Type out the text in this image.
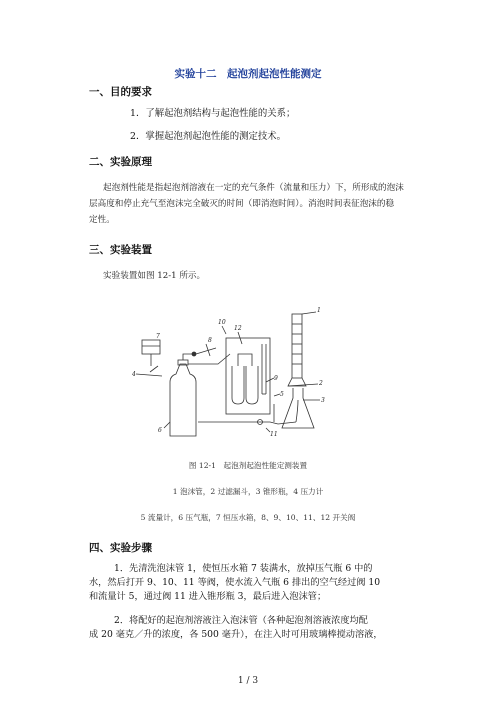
实验十二　起泡剂起泡性能测定
一、目的要求
1．了解起泡剂结构与起泡性能的关系；
2．掌握起泡剂起泡性能的测定技术。
二、实验原理
起泡剂性能是指起泡剂溶液在一定的充气条件（流量和压力）下，所形成的泡沫
层高度和停止充气至泡沫完全破灭的时间（即消泡时间）。消泡时间表征泡沫的稳
定性。
三、实验装置
实验装置如图 12-1 所示。
1
2
3
4
5
6
7
8
9
10
11
12
图 12-1　起泡剂起泡性能定测装置
1 泡沫管，2 过滤漏斗，3 锥形瓶，4 压力计
5 流量计，6 压气瓶，7 恒压水箱，8、9、10、11、12 开关阀
四、实验步骤
1．先清洗泡沫管 1，使恒压水箱 7 装满水，放掉压气瓶 6 中的
水，然后打开 9、10、11 等阀，使水流入气瓶 6 排出的空气经过阀 10
和流量计 5，通过阀 11 进入锥形瓶 3，最后进入泡沫管；
2．将配好的起泡剂溶液注入泡沫管（各种起泡剂溶液浓度均配
成 20 毫克／升的浓度，各 500 毫升），在注入时可用玻璃棒搅动溶液，
1 / 3
